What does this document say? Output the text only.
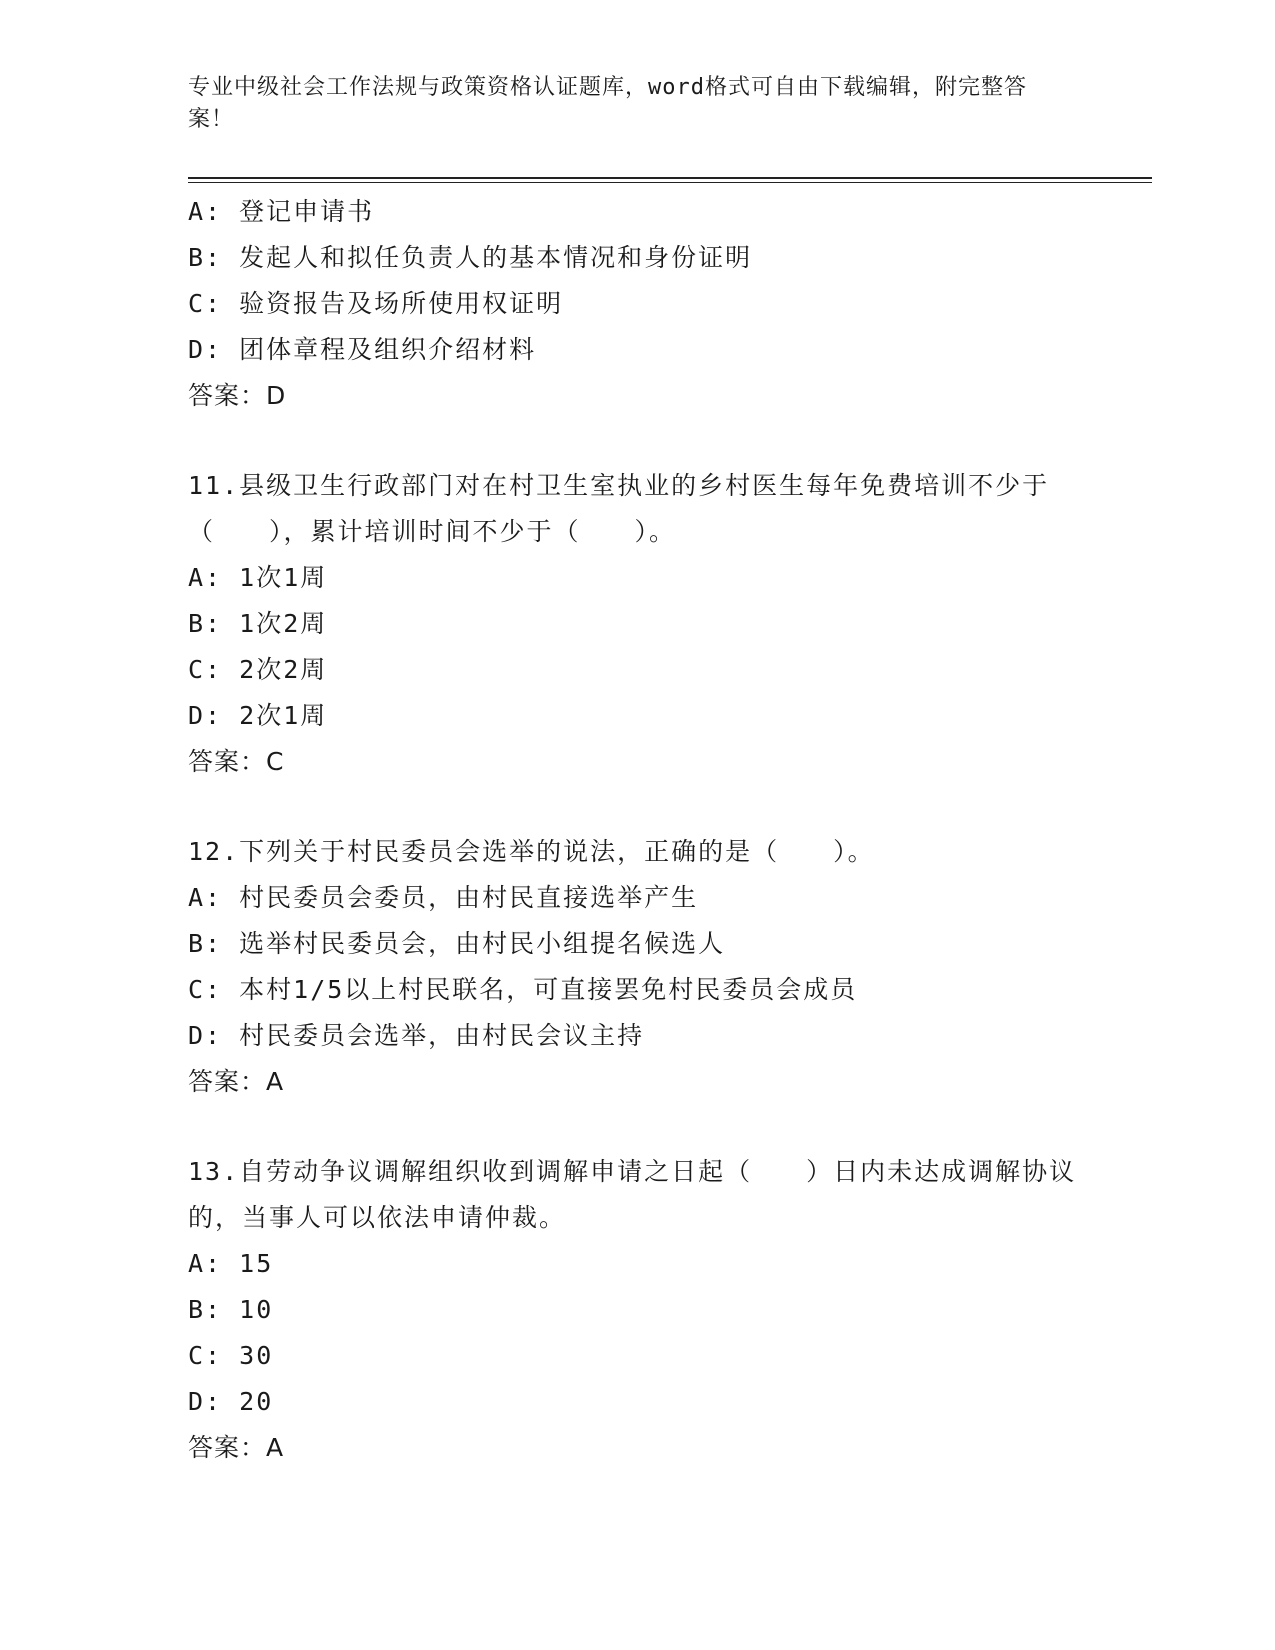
专业中级社会工作法规与政策资格认证题库，word格式可自由下载编辑，附完整答案！
A: 登记申请书
B: 发起人和拟任负责人的基本情况和身份证明
C: 验资报告及场所使用权证明
D: 团体章程及组织介绍材料
答案：D
11.县级卫生行政部门对在村卫生室执业的乡村医生每年免费培训不少于（　　），累计培训时间不少于（　　）。
A: 1次1周
B: 1次2周
C: 2次2周
D: 2次1周
答案：C
12.下列关于村民委员会选举的说法，正确的是（　　）。
A: 村民委员会委员，由村民直接选举产生
B: 选举村民委员会，由村民小组提名候选人
C: 本村1/5以上村民联名，可直接罢免村民委员会成员
D: 村民委员会选举，由村民会议主持
答案：A
13.自劳动争议调解组织收到调解申请之日起（　　）日内未达成调解协议的，当事人可以依法申请仲裁。
A: 15
B: 10
C: 30
D: 20
答案：A
